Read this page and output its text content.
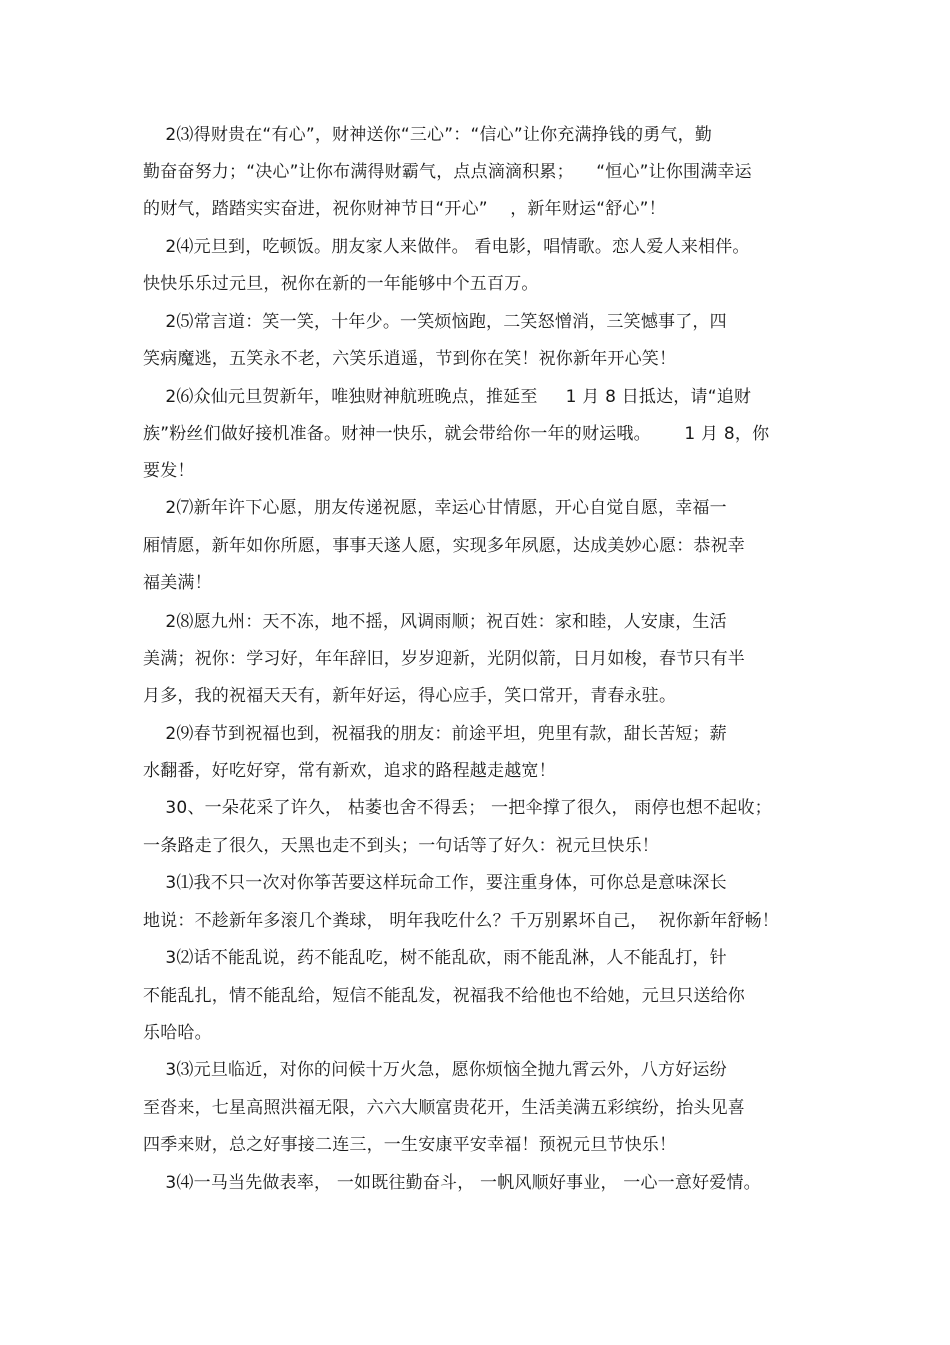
2⑶得财贵在“有心”，财神送你“三心”：“信心”让你充满挣钱的勇气，勤
勤奋奋努力；“决心”让你布满得财霸气，点点滴滴积累；    “恒心”让你围满幸运
的财气，踏踏实实奋进，祝你财神节日“开心”    ，新年财运“舒心”！
2⑷元旦到，吃顿饭。朋友家人来做伴。 看电影，唱情歌。恋人爱人来相伴。
快快乐乐过元旦，祝你在新的一年能够中个五百万。
2⑸常言道：笑一笑，十年少。一笑烦恼跑，二笑怒憎消，三笑憾事了，四
笑病魔逃，五笑永不老，六笑乐逍遥，节到你在笑！祝你新年开心笑！
2⑹众仙元旦贺新年，唯独财神航班晚点，推延至     1 月 8 日抵达，请“追财
族”粉丝们做好接机准备。财神一快乐，就会带给你一年的财运哦。      1 月 8，你
要发！
2⑺新年许下心愿，朋友传递祝愿，幸运心甘情愿，开心自觉自愿，幸福一
厢情愿，新年如你所愿，事事天遂人愿，实现多年夙愿，达成美妙心愿：恭祝幸
福美满！
2⑻愿九州：天不冻，地不摇，风调雨顺；祝百姓：家和睦，人安康，生活
美满；祝你：学习好，年年辞旧，岁岁迎新，光阴似箭，日月如梭，春节只有半
月多，我的祝福天天有，新年好运，得心应手，笑口常开，青春永驻。
2⑼春节到祝福也到，祝福我的朋友：前途平坦，兜里有款，甜长苦短；薪
水翻番，好吃好穿，常有新欢，追求的路程越走越宽！
30、一朵花采了许久， 枯萎也舍不得丢； 一把伞撑了很久， 雨停也想不起收；
一条路走了很久，天黑也走不到头；一句话等了好久：祝元旦快乐！
3⑴我不只一次对你筝苦要这样玩命工作，要注重身体，可你总是意味深长
地说：不趁新年多滚几个粪球， 明年我吃什么？千万别累坏自己，  祝你新年舒畅！
3⑵话不能乱说，药不能乱吃，树不能乱砍，雨不能乱淋，人不能乱打，针
不能乱扎，情不能乱给，短信不能乱发，祝福我不给他也不给她，元旦只送给你
乐哈哈。
3⑶元旦临近，对你的问候十万火急，愿你烦恼全抛九霄云外，八方好运纷
至沓来，七星高照洪福无限，六六大顺富贵花开，生活美满五彩缤纷，抬头见喜
四季来财，总之好事接二连三，一生安康平安幸福！预祝元旦节快乐！
3⑷一马当先做表率， 一如既往勤奋斗， 一帆风顺好事业， 一心一意好爱情。
